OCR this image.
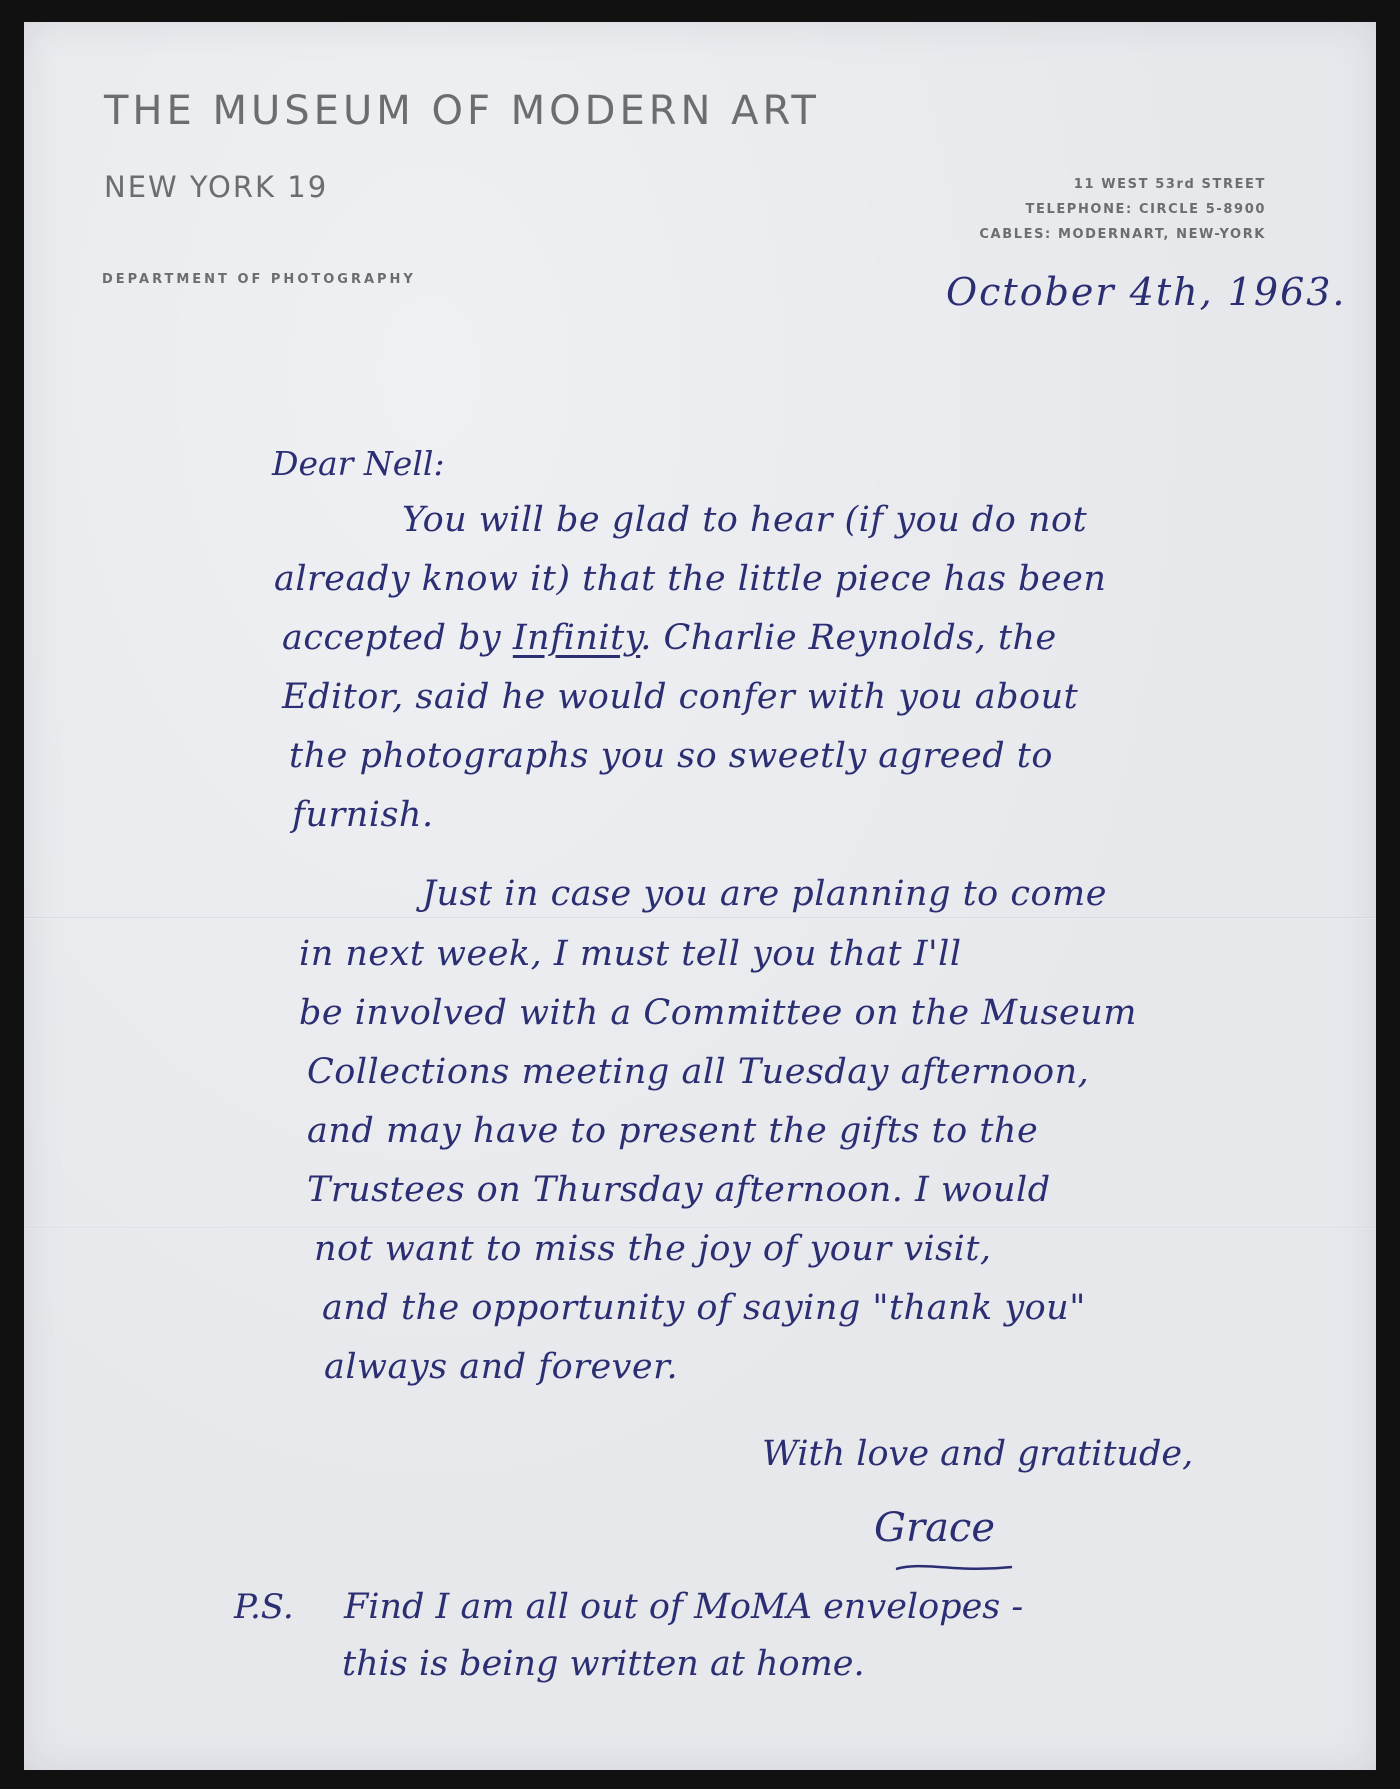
THE MUSEUM OF MODERN ART
NEW YORK 19
DEPARTMENT OF PHOTOGRAPHY
11 WEST 53rd STREET
TELEPHONE: CIRCLE 5-8900
CABLES: MODERNART, NEW-YORK
October 4th, 1963.
Dear Nell:
You will be glad to hear (if you do not
already know it) that the little piece has been
accepted by Infinity. Charlie Reynolds, the
Editor, said he would confer with you about
the photographs you so sweetly agreed to
furnish.
Just in case you are planning to come
in next week, I must tell you that I'll
be involved with a Committee on the Museum
Collections meeting all Tuesday afternoon,
and may have to present the gifts to the
Trustees on Thursday afternoon. I would
not want to miss the joy of your visit,
and the opportunity of saying "thank you"
always and forever.
With love and gratitude,
Grace
P.S. Find I am all out of MoMA envelopes -
this is being written at home.
